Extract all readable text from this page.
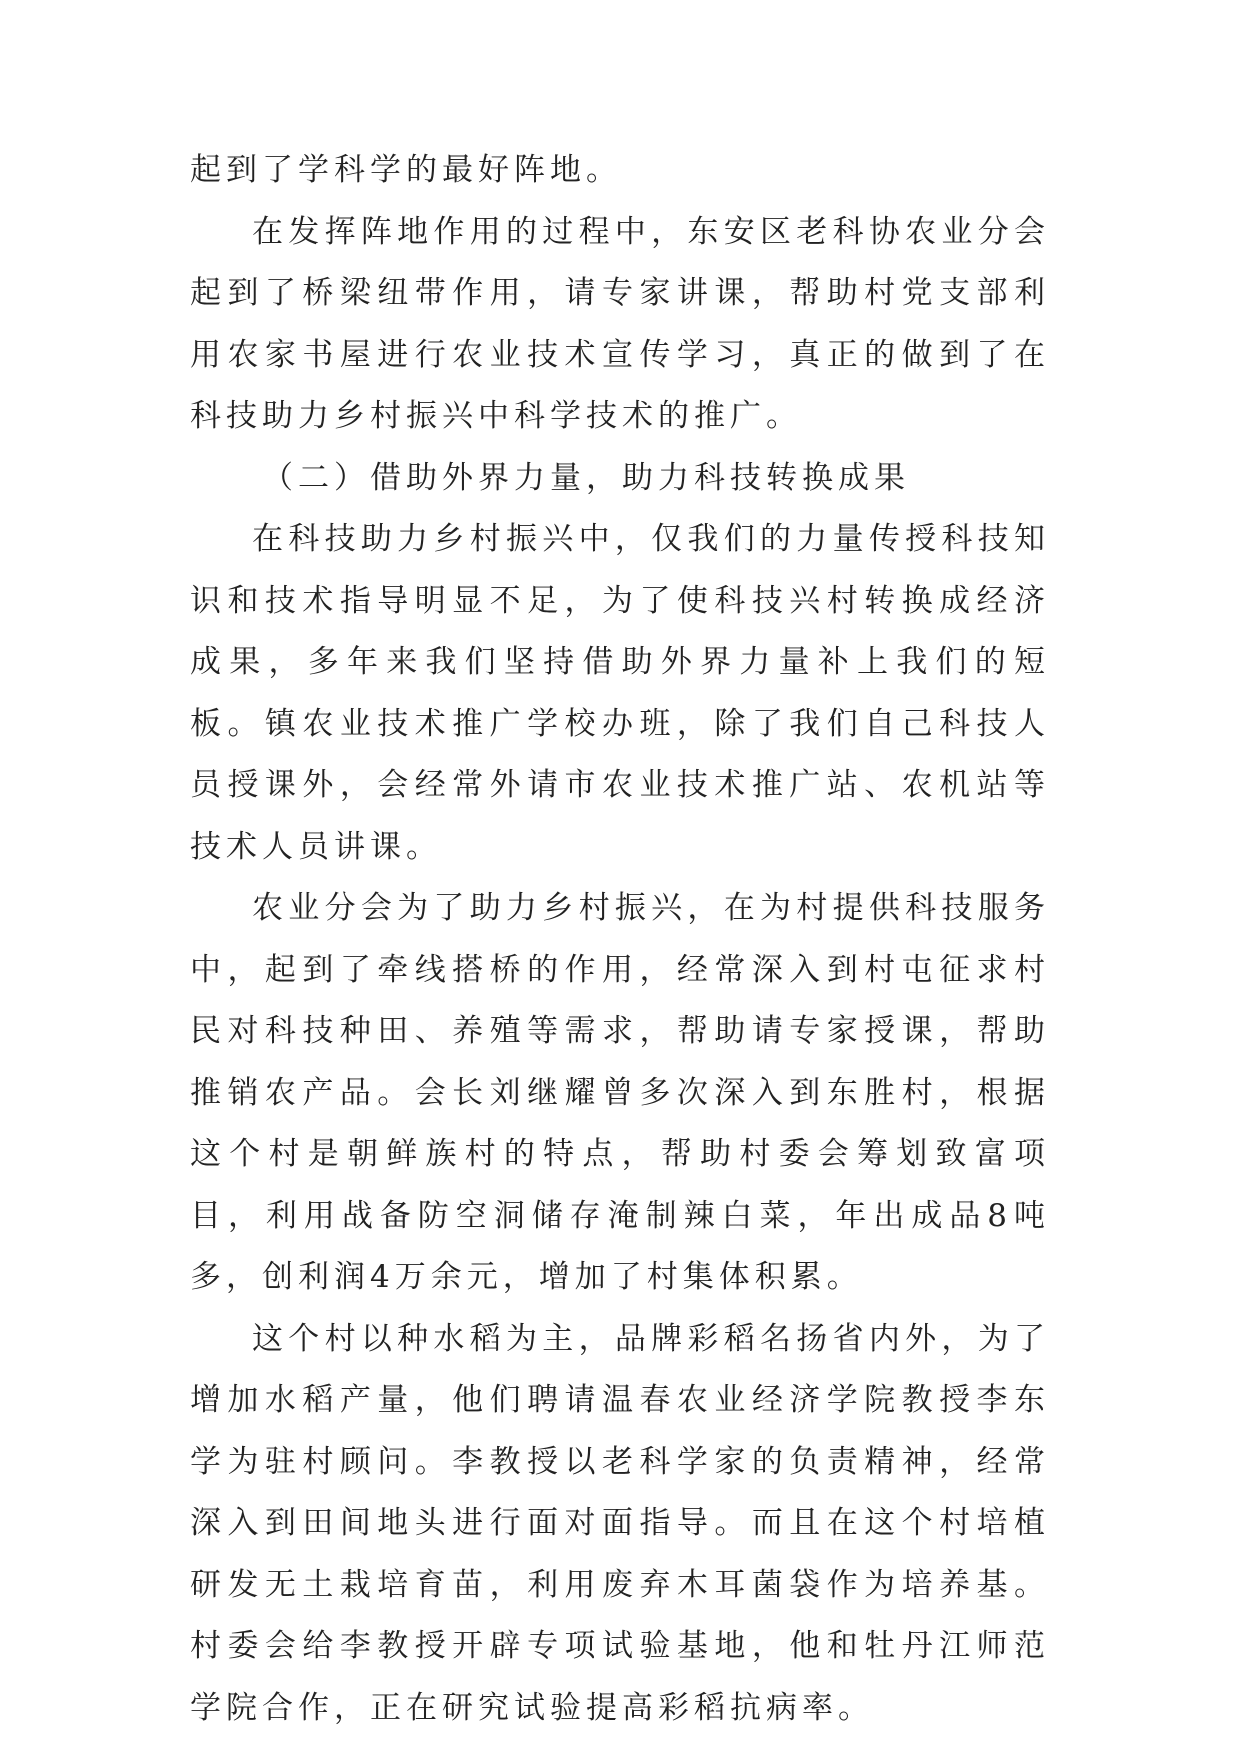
起到了学科学的最好阵地。

在发挥阵地作用的过程中，东安区老科协农业分会起到了桥梁纽带作用，请专家讲课，帮助村党支部利用农家书屋进行农业技术宣传学习，真正的做到了在科技助力乡村振兴中科学技术的推广。

（二）借助外界力量，助力科技转换成果

在科技助力乡村振兴中，仅我们的力量传授科技知识和技术指导明显不足，为了使科技兴村转换成经济成果，多年来我们坚持借助外界力量补上我们的短板。镇农业技术推广学校办班，除了我们自己科技人员授课外，会经常外请市农业技术推广站、农机站等技术人员讲课。

农业分会为了助力乡村振兴，在为村提供科技服务中，起到了牵线搭桥的作用，经常深入到村屯征求村民对科技种田、养殖等需求，帮助请专家授课，帮助推销农产品。会长刘继耀曾多次深入到东胜村，根据这个村是朝鲜族村的特点，帮助村委会筹划致富项目，利用战备防空洞储存淹制辣白菜，年出成品8吨多，创利润4万余元，增加了村集体积累。

这个村以种水稻为主，品牌彩稻名扬省内外，为了增加水稻产量，他们聘请温春农业经济学院教授李东学为驻村顾问。李教授以老科学家的负责精神，经常深入到田间地头进行面对面指导。而且在这个村培植研发无土栽培育苗，利用废弃木耳菌袋作为培养基。村委会给李教授开辟专项试验基地，他和牡丹江师范学院合作，正在研究试验提高彩稻抗病率。
